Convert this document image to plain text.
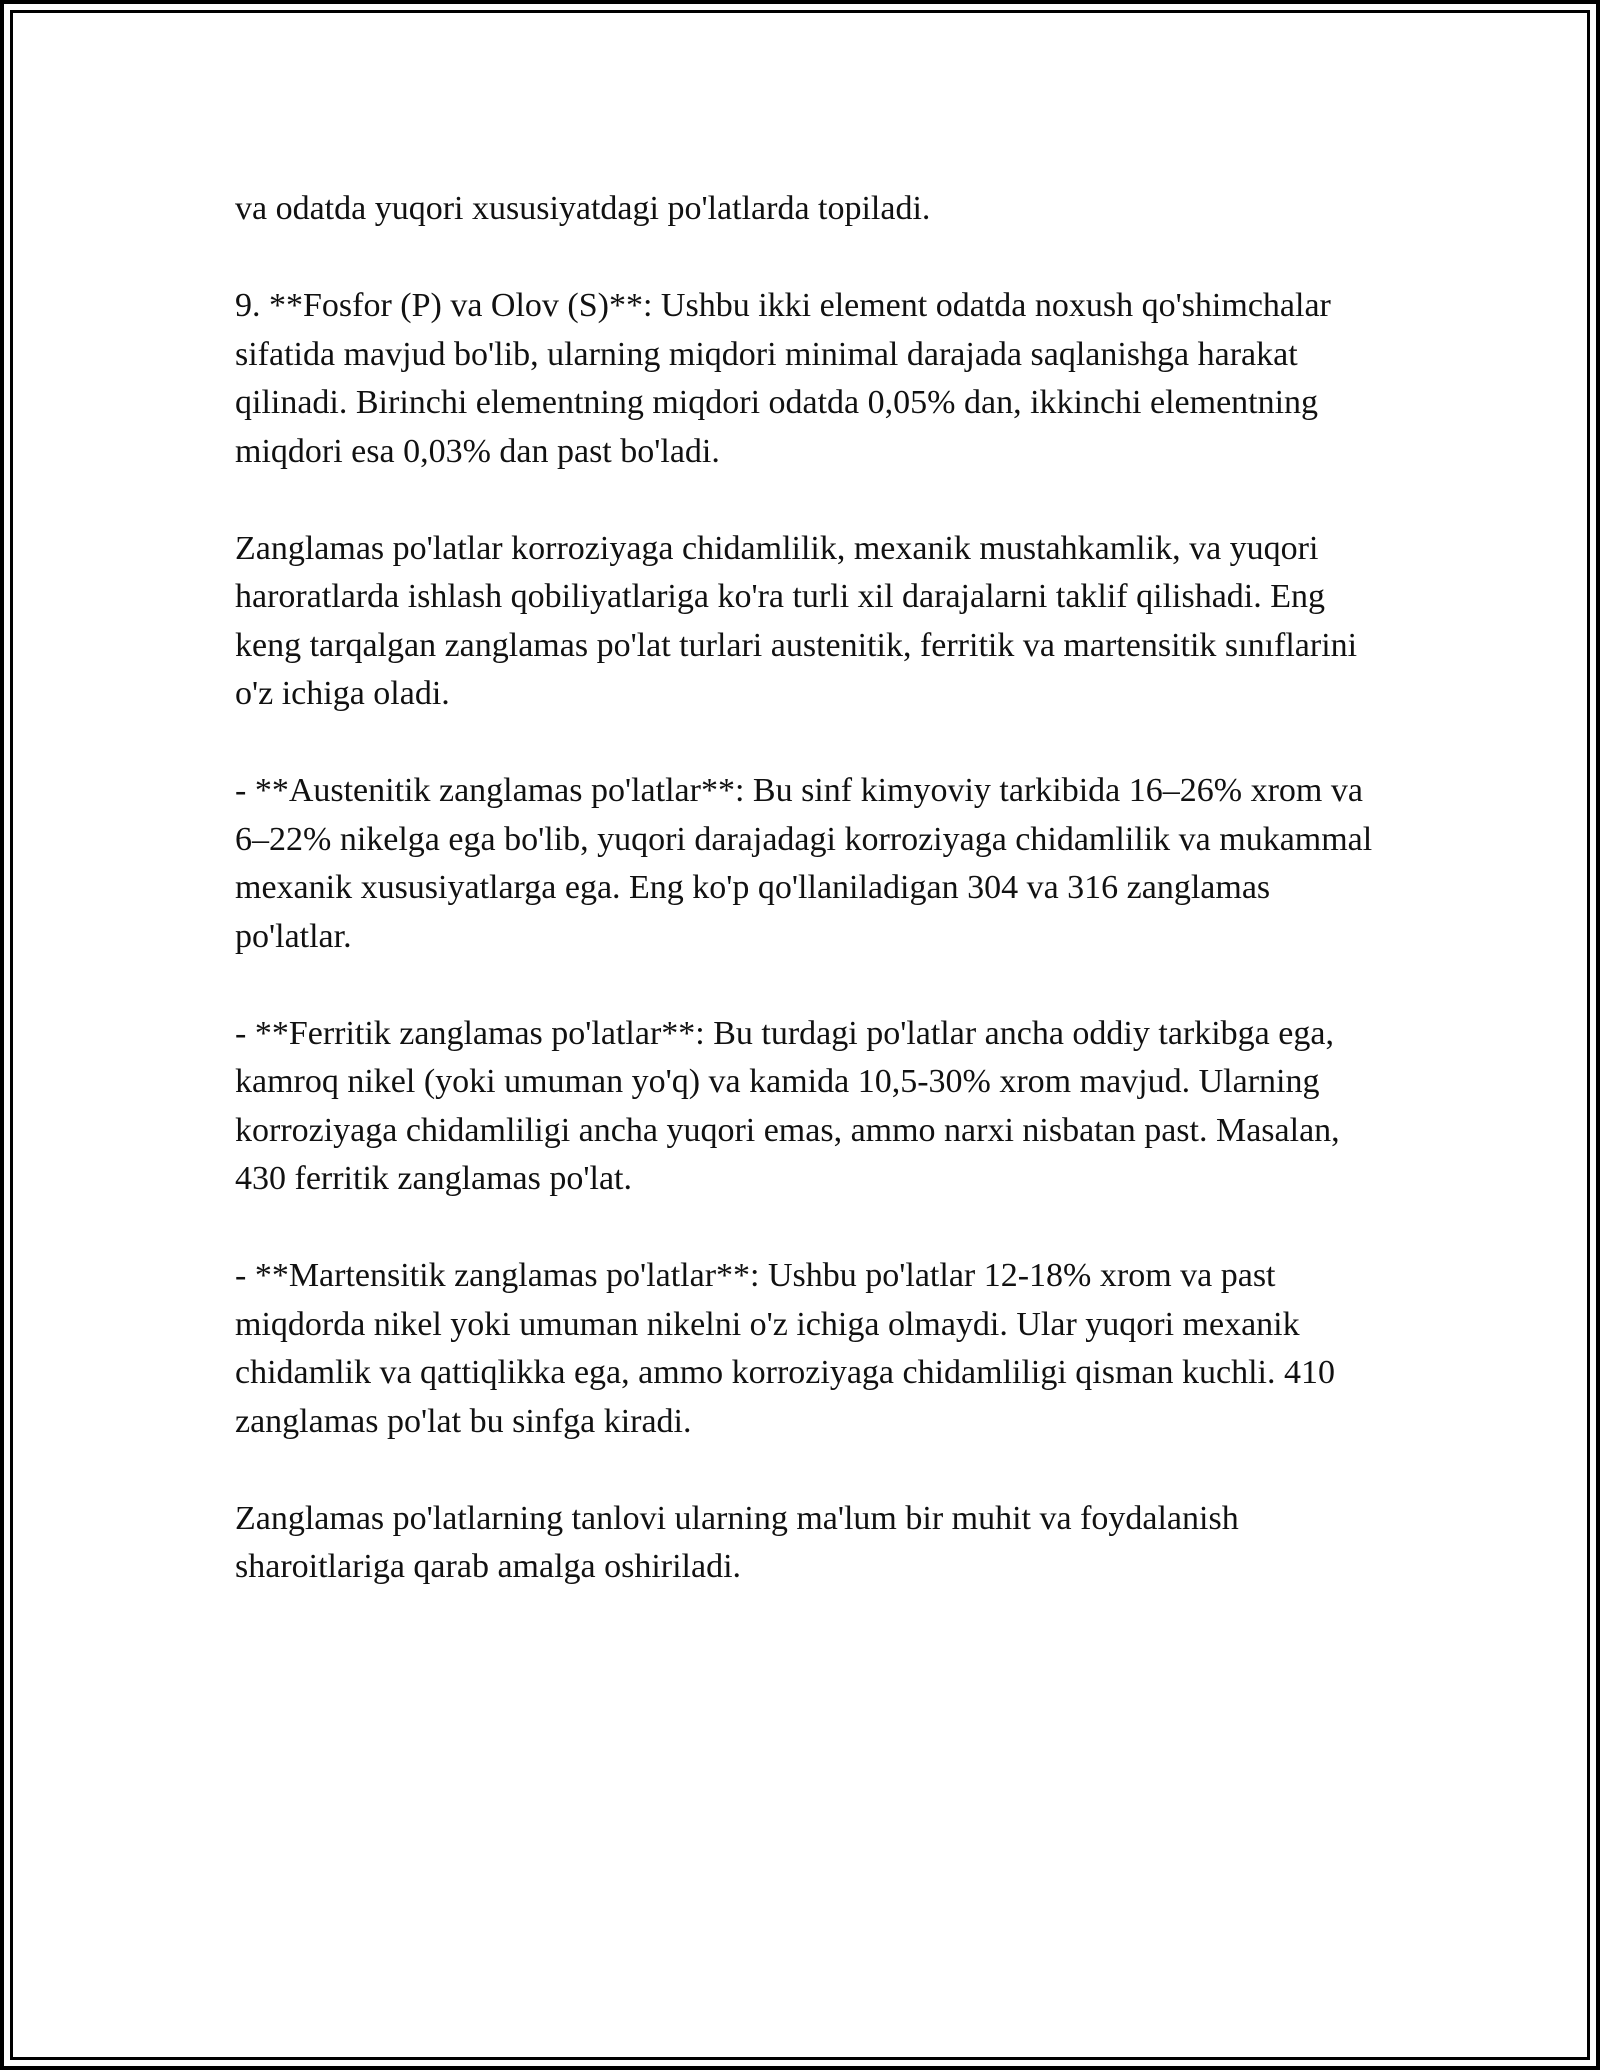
va odatda yuqori xususiyatdagi po'latlarda topiladi.

9. **Fosfor (P) va Olov (S)**: Ushbu ikki element odatda noxush qo'shimchalar sifatida mavjud bo'lib, ularning miqdori minimal darajada saqlanishga harakat qilinadi. Birinchi elementning miqdori odatda 0,05% dan, ikkinchi elementning miqdori esa 0,03% dan past bo'ladi.

Zanglamas po'latlar korroziyaga chidamlilik, mexanik mustahkamlik, va yuqori haroratlarda ishlash qobiliyatlariga ko'ra turli xil darajalarni taklif qilishadi. Eng keng tarqalgan zanglamas po'lat turlari austenitik, ferritik va martensitik sınıflarini o'z ichiga oladi.

- **Austenitik zanglamas po'latlar**: Bu sinf kimyoviy tarkibida 16–26% xrom va 6–22% nikelga ega bo'lib, yuqori darajadagi korroziyaga chidamlilik va mukammal mexanik xususiyatlarga ega. Eng ko'p qo'llaniladigan 304 va 316 zanglamas po'latlar.

- **Ferritik zanglamas po'latlar**: Bu turdagi po'latlar ancha oddiy tarkibga ega, kamroq nikel (yoki umuman yo'q) va kamida 10,5-30% xrom mavjud. Ularning korroziyaga chidamliligi ancha yuqori emas, ammo narxi nisbatan past. Masalan, 430 ferritik zanglamas po'lat.

- **Martensitik zanglamas po'latlar**: Ushbu po'latlar 12-18% xrom va past miqdorda nikel yoki umuman nikelni o'z ichiga olmaydi. Ular yuqori mexanik chidamlik va qattiqlikka ega, ammo korroziyaga chidamliligi qisman kuchli. 410 zanglamas po'lat bu sinfga kiradi.

Zanglamas po'latlarning tanlovi ularning ma'lum bir muhit va foydalanish sharoitlariga qarab amalga oshiriladi.
